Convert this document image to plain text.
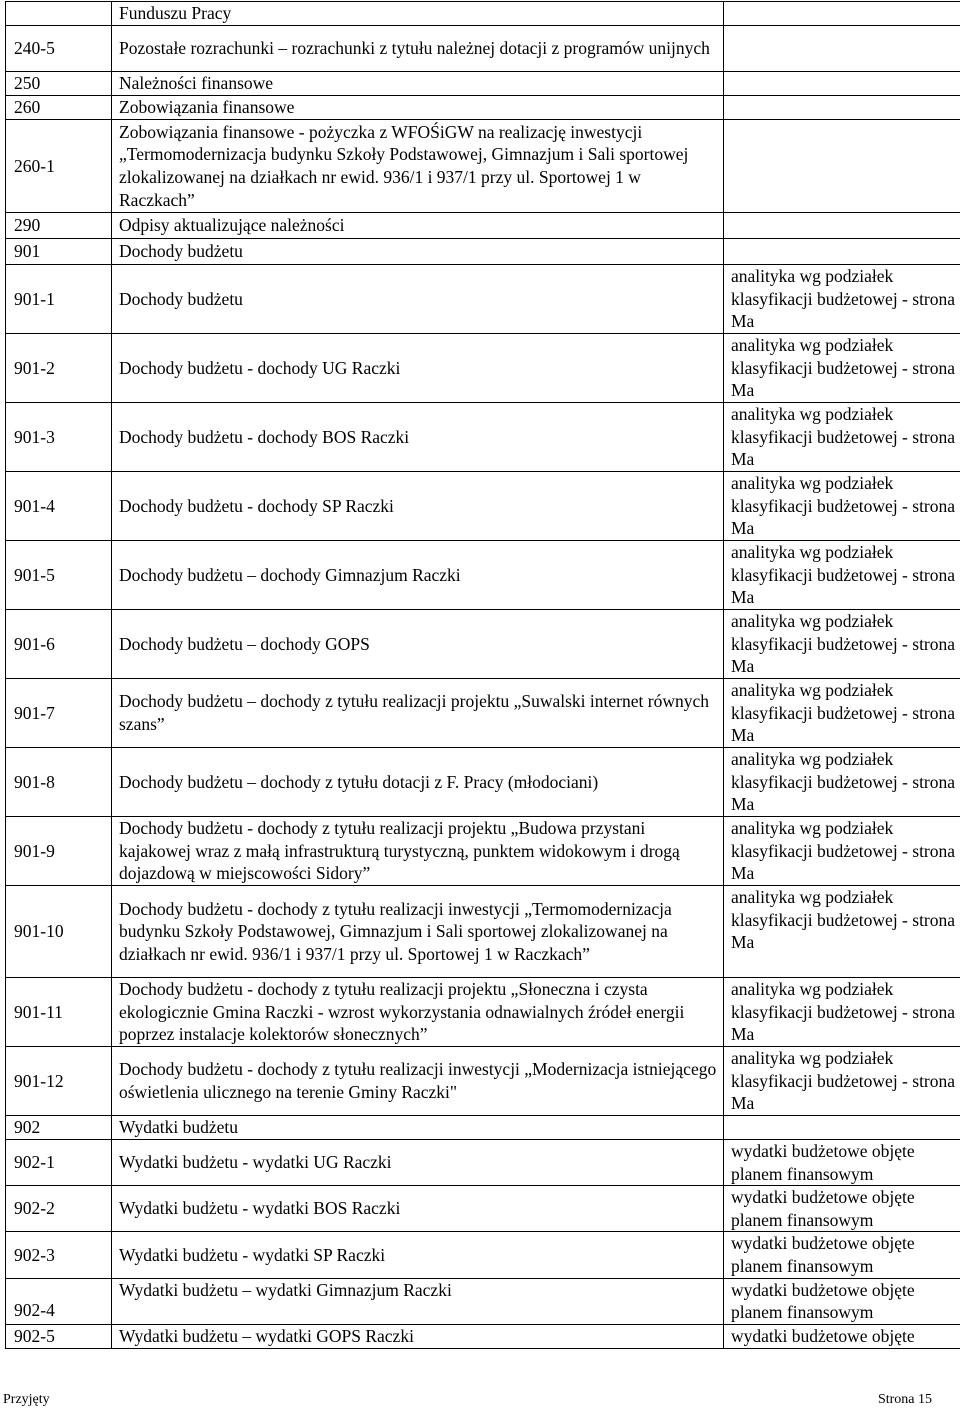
	Funduszu Pracy	
240-5	Pozostałe rozrachunki – rozrachunki z tytułu należnej dotacji z programów unijnych	
250	Należności finansowe	
260	Zobowiązania finansowe	
260-1	Zobowiązania finansowe - pożyczka z WFOŚiGW na realizację inwestycji „Termomodernizacja budynku Szkoły Podstawowej, Gimnazjum i Sali sportowej zlokalizowanej na działkach nr ewid. 936/1 i 937/1 przy ul. Sportowej 1 w Raczkach”	
290	Odpisy aktualizujące należności	
901	Dochody budżetu	
901-1	Dochody budżetu	analityka wg podziałek klasyfikacji budżetowej - strona Ma
901-2	Dochody budżetu - dochody UG Raczki	analityka wg podziałek klasyfikacji budżetowej - strona Ma
901-3	Dochody budżetu - dochody BOS Raczki	analityka wg podziałek klasyfikacji budżetowej - strona Ma
901-4	Dochody budżetu - dochody SP Raczki	analityka wg podziałek klasyfikacji budżetowej - strona Ma
901-5	Dochody budżetu – dochody Gimnazjum Raczki	analityka wg podziałek klasyfikacji budżetowej - strona Ma
901-6	Dochody budżetu – dochody GOPS	analityka wg podziałek klasyfikacji budżetowej - strona Ma
901-7	Dochody budżetu – dochody z tytułu realizacji projektu „Suwalski internet równych szans”	analityka wg podziałek klasyfikacji budżetowej - strona Ma
901-8	Dochody budżetu – dochody z tytułu dotacji z F. Pracy (młodociani)	analityka wg podziałek klasyfikacji budżetowej - strona Ma
901-9	Dochody budżetu - dochody z tytułu realizacji projektu „Budowa przystani kajakowej wraz z małą infrastrukturą turystyczną, punktem widokowym i drogą dojazdową w miejscowości Sidory”	analityka wg podziałek klasyfikacji budżetowej - strona Ma
901-10	Dochody budżetu - dochody z tytułu realizacji inwestycji „Termomodernizacja budynku Szkoły Podstawowej, Gimnazjum i Sali sportowej zlokalizowanej na działkach nr ewid. 936/1 i 937/1 przy ul. Sportowej 1 w Raczkach”	analityka wg podziałek klasyfikacji budżetowej - strona Ma
901-11	Dochody budżetu - dochody z tytułu realizacji projektu „Słoneczna i czysta ekologicznie Gmina Raczki - wzrost wykorzystania odnawialnych źródeł energii poprzez instalacje kolektorów słonecznych”	analityka wg podziałek klasyfikacji budżetowej - strona Ma
901-12	Dochody budżetu - dochody z tytułu realizacji inwestycji „Modernizacja istniejącego oświetlenia ulicznego na terenie Gminy Raczki"	analityka wg podziałek klasyfikacji budżetowej - strona Ma
902	Wydatki budżetu	
902-1	Wydatki budżetu - wydatki UG Raczki	wydatki budżetowe objęte planem finansowym
902-2	Wydatki budżetu - wydatki BOS Raczki	wydatki budżetowe objęte planem finansowym
902-3	Wydatki budżetu - wydatki SP Raczki	wydatki budżetowe objęte planem finansowym
902-4	Wydatki budżetu – wydatki Gimnazjum Raczki	wydatki budżetowe objęte planem finansowym
902-5	Wydatki budżetu – wydatki GOPS Raczki	wydatki budżetowe objęte
Przyjęty	Strona 15
